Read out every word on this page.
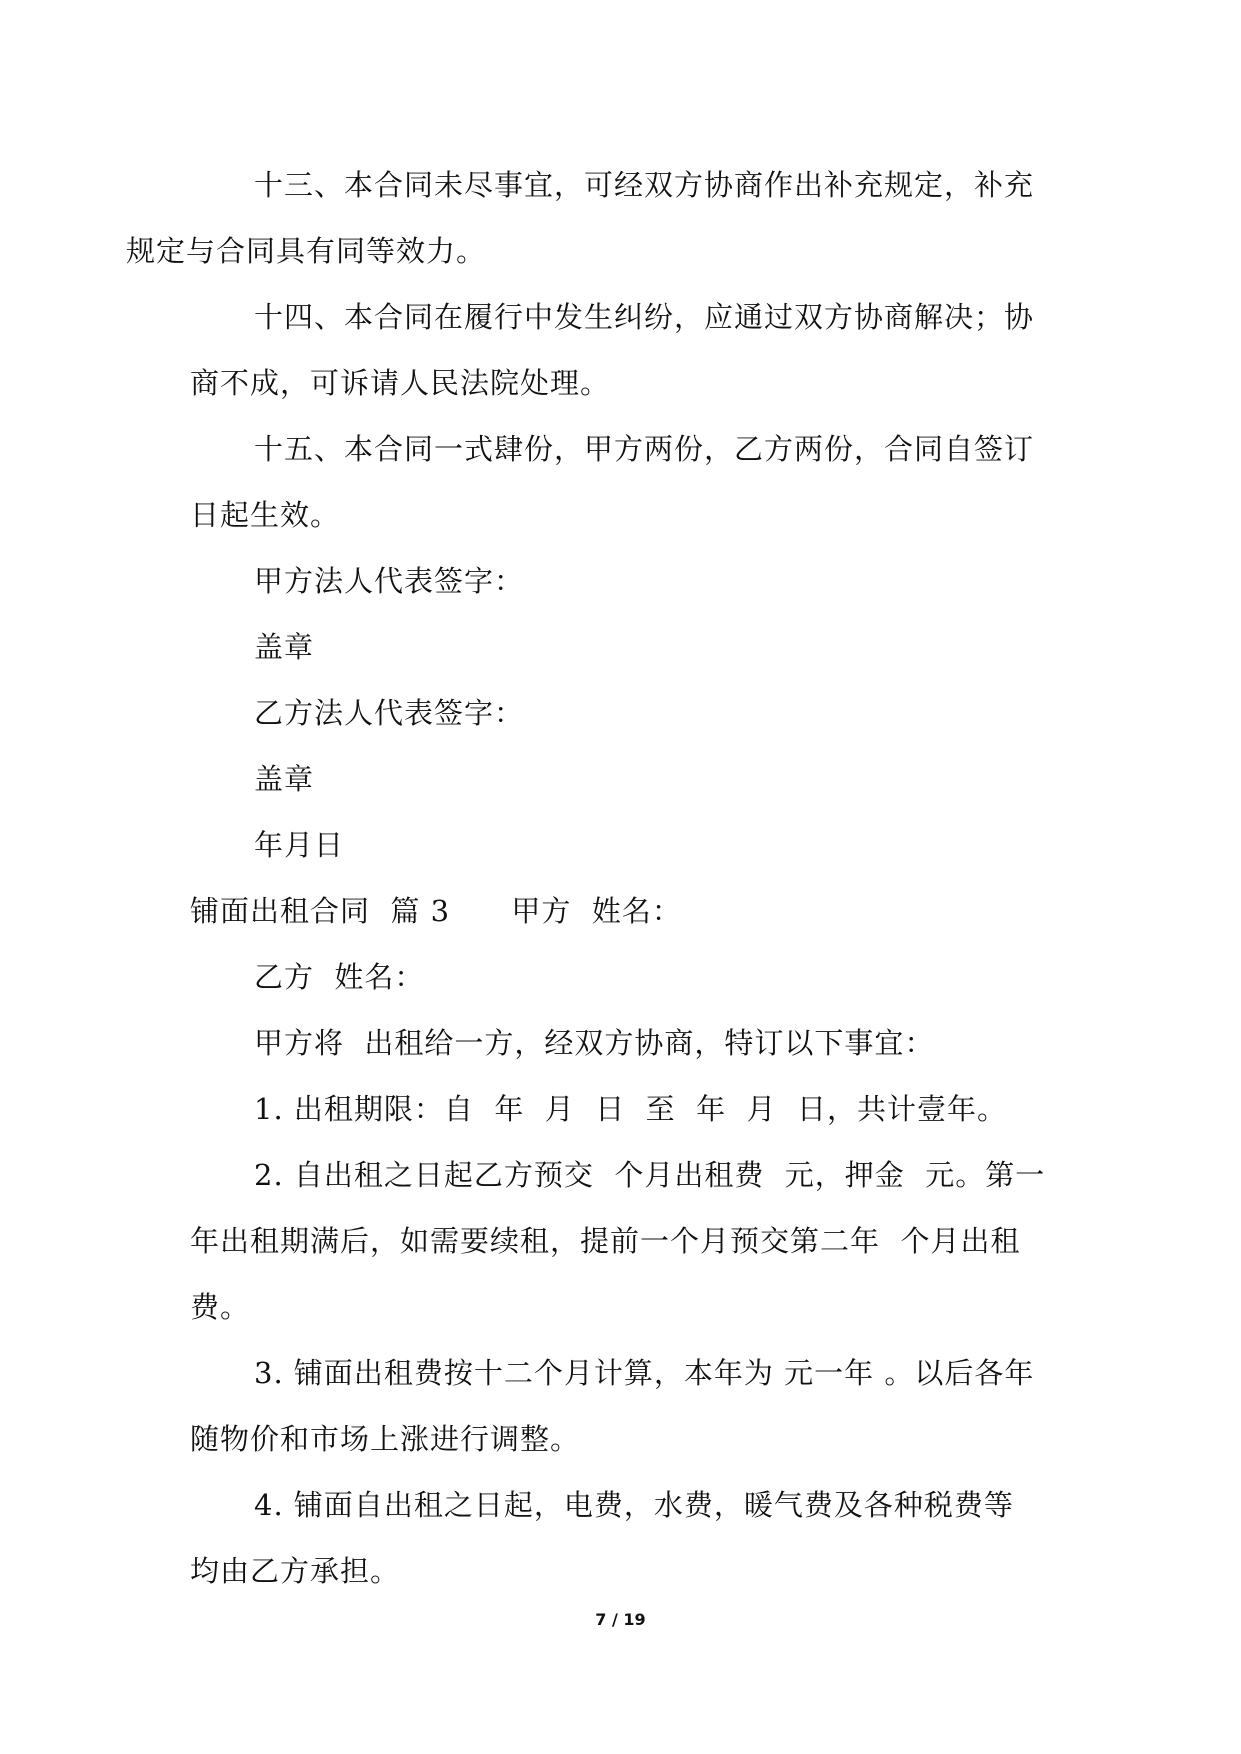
十三、本合同未尽事宜，可经双方协商作出补充规定，补充
规定与合同具有同等效力。

十四、本合同在履行中发生纠纷，应通过双方协商解决；协
商不成，可诉请人民法院处理。

十五、本合同一式肆份，甲方两份，乙方两份，合同自签订
日起生效。

甲方法人代表签字：

盖章

乙方法人代表签字：

盖章

年月日

铺面出租合同  篇 3      甲方  姓名：

乙方  姓名：

甲方将  出租给一方，经双方协商，特订以下事宜：

1. 出租期限：自  年  月  日  至  年  月  日，共计壹年。

2. 自出租之日起乙方预交  个月出租费  元，押金  元。第一
年出租期满后，如需要续租，提前一个月预交第二年  个月出租
费。

3. 铺面出租费按十二个月计算，本年为 元一年 。以后各年
随物价和市场上涨进行调整。

4. 铺面自出租之日起，电费，水费，暖气费及各种税费等
均由乙方承担。

7 / 19
